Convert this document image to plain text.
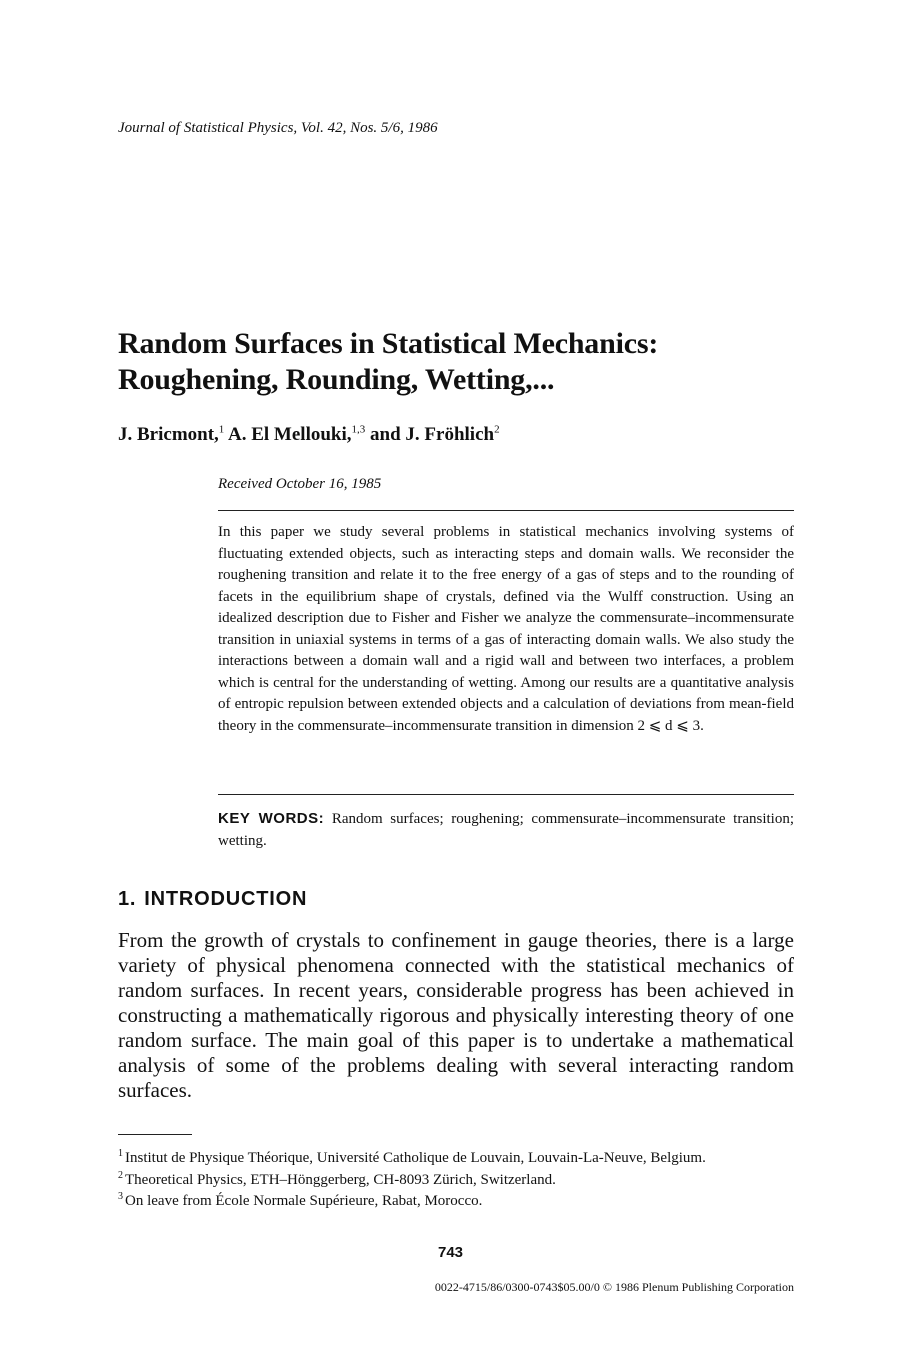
Journal of Statistical Physics, Vol. 42, Nos. 5/6, 1986
Random Surfaces in Statistical Mechanics:
Roughening, Rounding, Wetting,...
J. Bricmont,$^1$ A. El Mellouki,$^{1,3}$ and J. Fröhlich$^2$
Received October 16, 1985

In this paper we study several problems in statistical mechanics involving systems of fluctuating extended objects, such as interacting steps and domain walls. We reconsider the roughening transition and relate it to the free energy of a gas of steps and to the rounding of facets in the equilibrium shape of crystals, defined via the Wulff construction. Using an idealized description due to Fisher and Fisher we analyze the commensurate–incommensurate transition in uniaxial systems in terms of a gas of interacting domain walls. We also study the interactions between a domain wall and a rigid wall and between two interfaces, a problem which is central for the understanding of wetting. Among our results are a quantitative analysis of entropic repulsion between extended objects and a calculation of deviations from mean-field theory in the commensurate–incommensurate transition in dimension 2 ⩽ d ⩽ 3.

KEY WORDS: Random surfaces; roughening; commensurate–incommensurate transition; wetting.

1. INTRODUCTION

From the growth of crystals to confinement in gauge theories, there is a large variety of physical phenomena connected with the statistical mechanics of random surfaces. In recent years, considerable progress has been achieved in constructing a mathematically rigorous and physically interesting theory of one random surface. The main goal of this paper is to undertake a mathematical analysis of some of the problems dealing with several interacting random surfaces.

$^1$ Institut de Physique Théorique, Université Catholique de Louvain, Louvain-La-Neuve, Belgium.

$^2$ Theoretical Physics, ETH–Hönggerberg, CH-8093 Zürich, Switzerland.

$^3$ On leave from École Normale Supérieure, Rabat, Morocco.

743
0022-4715/86/0300-0743$05.00/0 © 1986 Plenum Publishing Corporation
